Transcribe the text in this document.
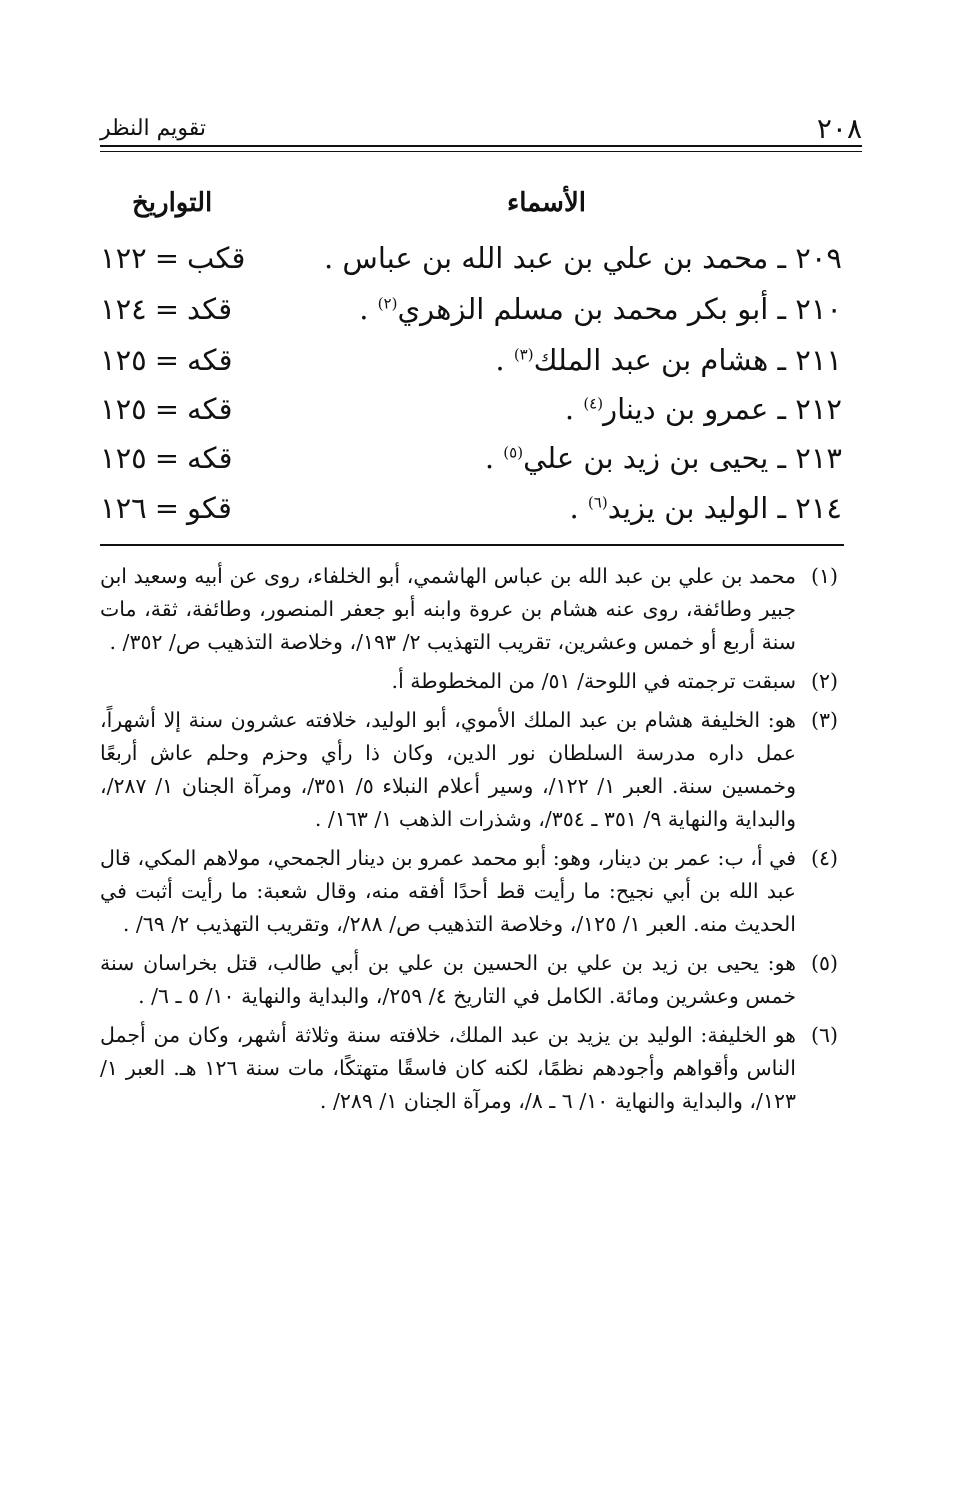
٢٠٨
تقويم النظر
الأسماء
التواريخ
٢٠٩ ـ محمد بن علي بن عبد الله بن عباس .
قكب=١٢٢
٢١٠ ـ أبو بكر محمد بن مسلم الزهري$^{(٢)}$ .
قكد=١٢٤
٢١١ ـ هشام بن عبد الملك$^{(٣)}$ .
قكه=١٢٥
٢١٢ ـ عمرو بن دينار$^{(٤)}$ .
قكه=١٢٥
٢١٣ ـ يحيى بن زيد بن علي$^{(٥)}$ .
قكه=١٢٥
٢١٤ ـ الوليد بن يزيد$^{(٦)}$ .
قكو=١٢٦
(١)
محمد بن علي بن عبد الله بن عباس الهاشمي، أبو الخلفاء، روى عن أبيه وسعيد ابن جبير وطائفة، روى عنه هشام بن عروة وابنه أبو جعفر المنصور، وطائفة، ثقة، مات سنة أربع أو خمس وعشرين، تقريب التهذيب ٢/ ١٩٣/، وخلاصة التذهيب ص/ ٣٥٢/ .
(٢)
سبقت ترجمته في اللوحة/ ٥١/ من المخطوطة أ.
(٣)
هو: الخليفة هشام بن عبد الملك الأموي، أبو الوليد، خلافته عشرون سنة إلا أشهراً، عمل داره مدرسة السلطان نور الدين، وكان ذا رأي وحزم وحلم عاش أربعًا وخمسين سنة. العبر ١/ ١٢٢/، وسير أعلام النبلاء ٥/ ٣٥١/، ومرآة الجنان ١/ ٢٨٧/، والبداية والنهاية ٩/ ٣٥١ ـ ٣٥٤/، وشذرات الذهب ١/ ١٦٣/ .
(٤)
في أ، ب: عمر بن دينار، وهو: أبو محمد عمرو بن دينار الجمحي، مولاهم المكي، قال عبد الله بن أبي نجيح: ما رأيت قط أحدًا أفقه منه، وقال شعبة: ما رأيت أثبت في الحديث منه. العبر ١/ ١٢٥/، وخلاصة التذهيب ص/ ٢٨٨/، وتقريب التهذيب ٢/ ٦٩/ .
(٥)
هو: يحيى بن زيد بن علي بن الحسين بن علي بن أبي طالب، قتل بخراسان سنة خمس وعشرين ومائة. الكامل في التاريخ ٤/ ٢٥٩/، والبداية والنهاية ١٠/ ٥ ـ ٦/ .
(٦)
هو الخليفة: الوليد بن يزيد بن عبد الملك، خلافته سنة وثلاثة أشهر، وكان من أجمل الناس وأقواهم وأجودهم نظمًا، لكنه كان فاسقًا متهتكًا، مات سنة ١٢٦ هـ. العبر ١/ ١٢٣/، والبداية والنهاية ١٠/ ٦ ـ ٨/، ومرآة الجنان ١/ ٢٨٩/ .
